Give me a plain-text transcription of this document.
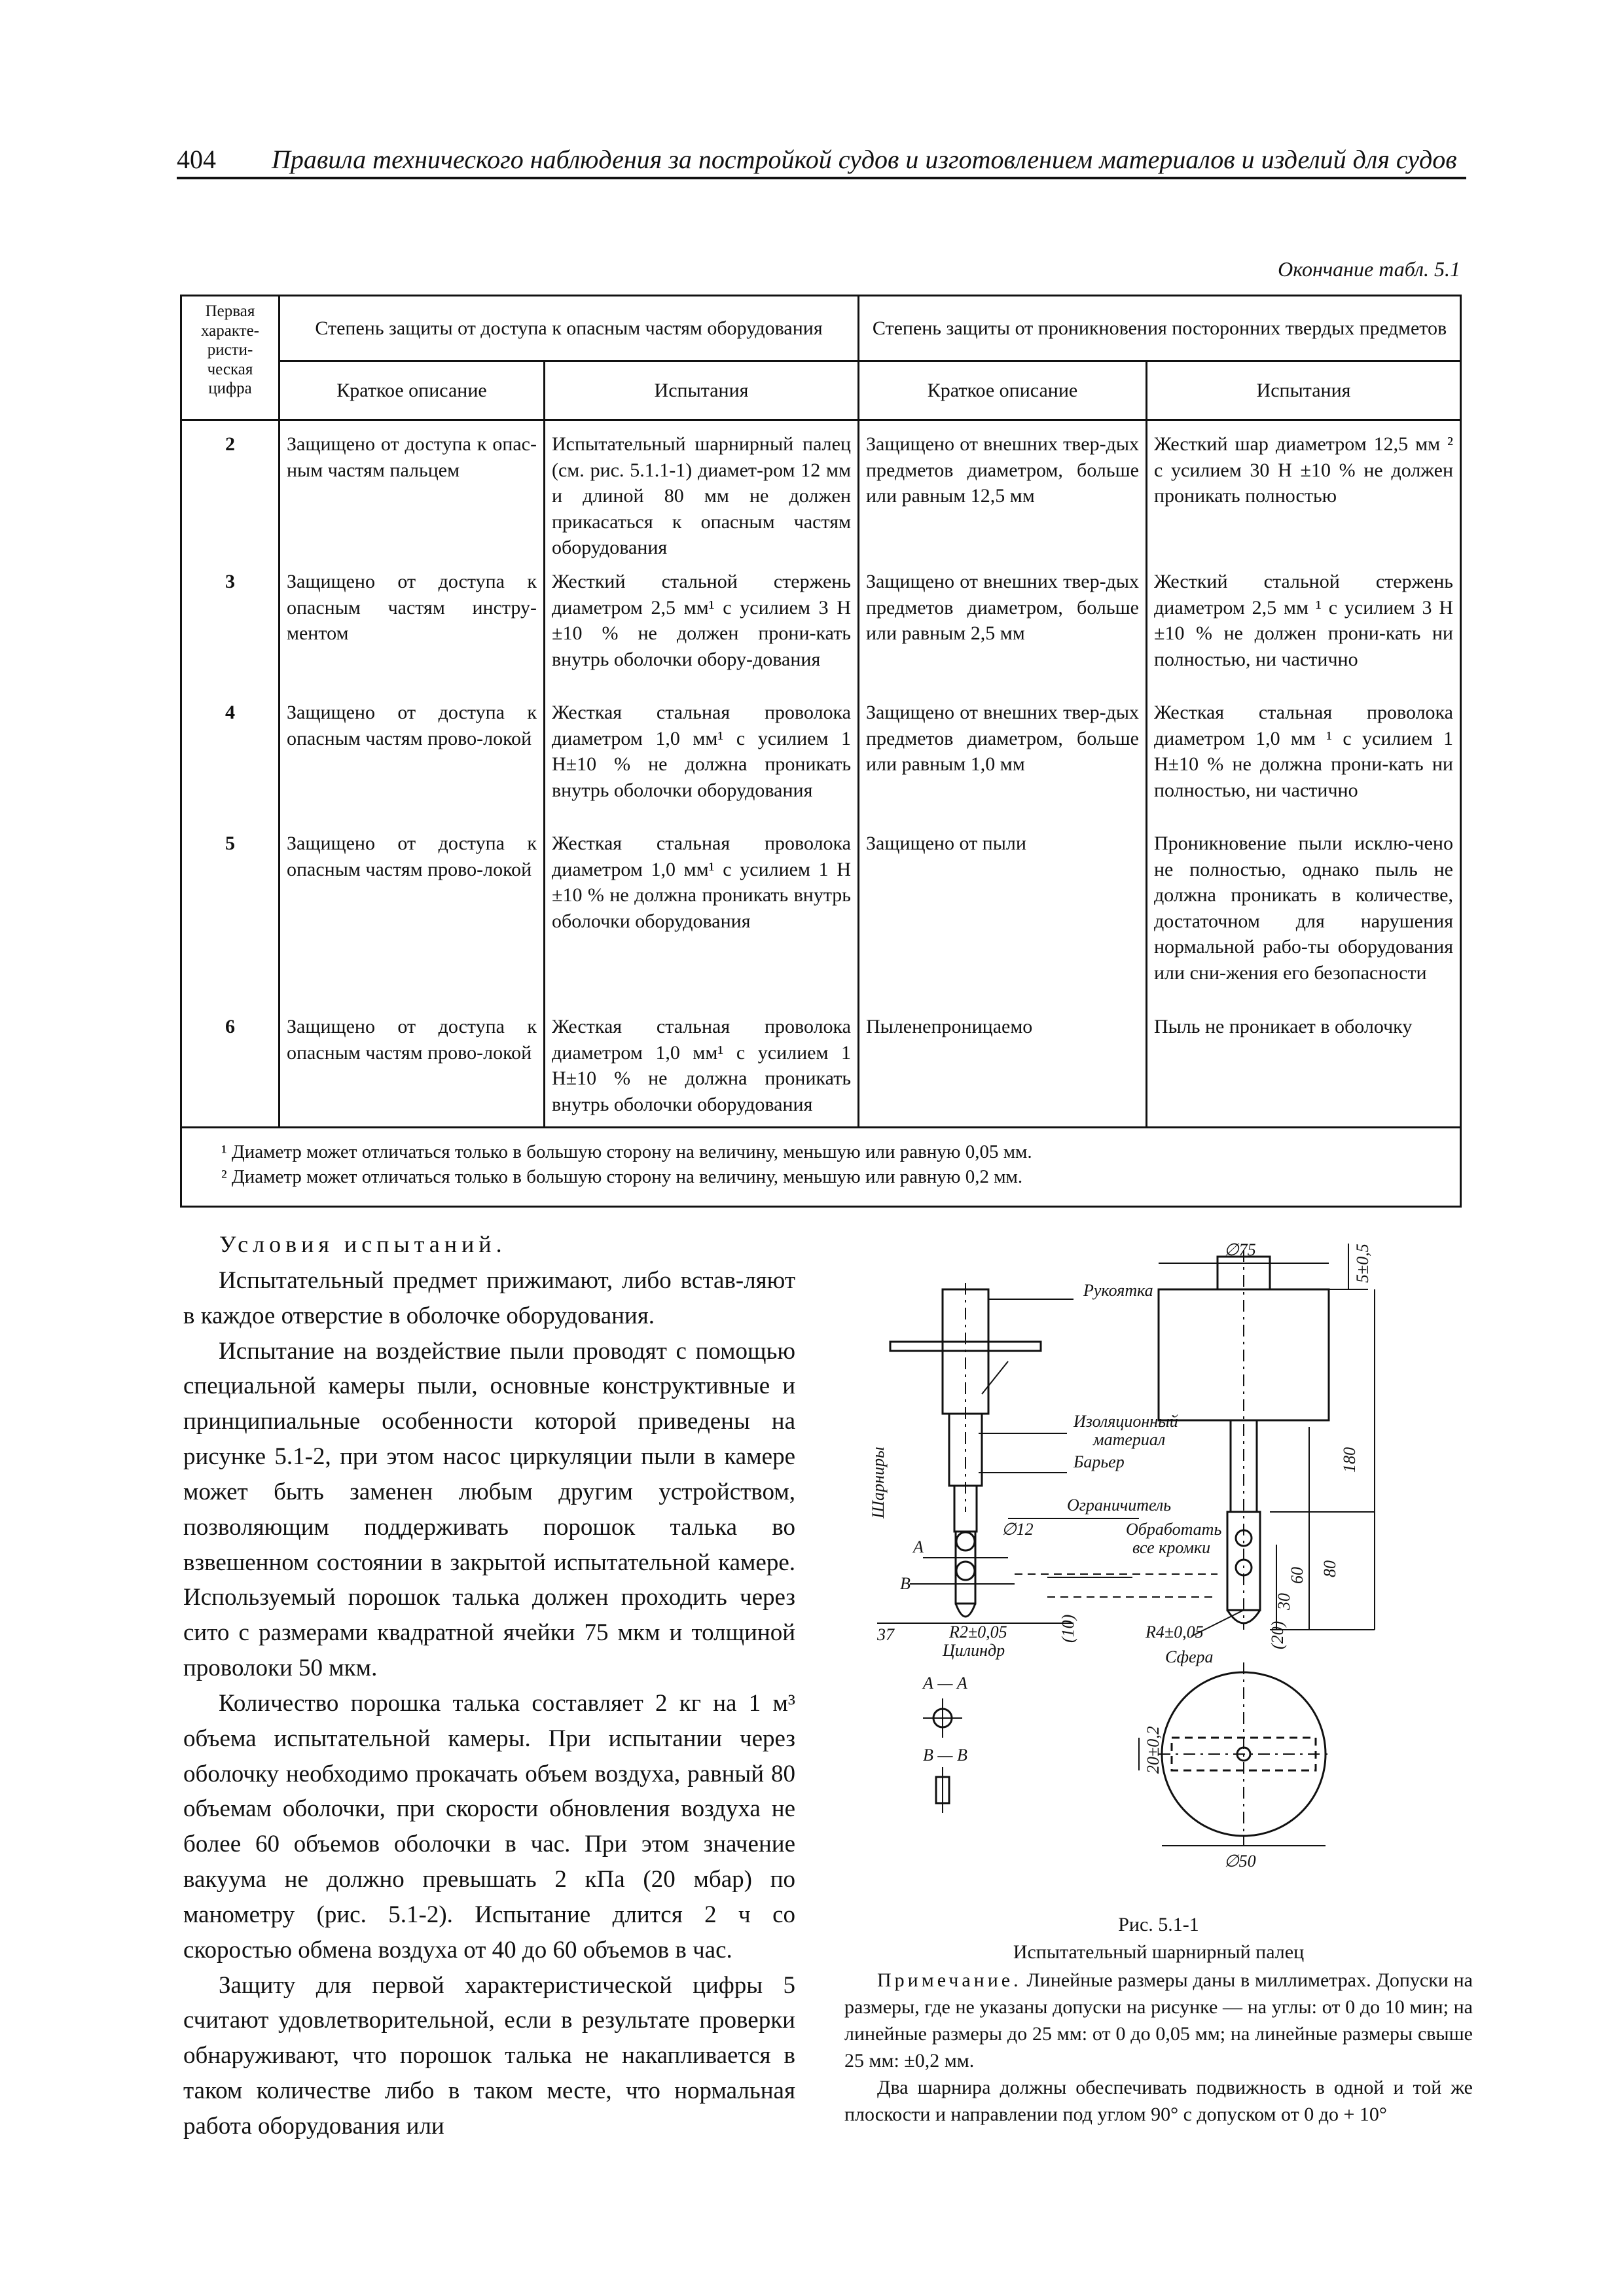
404 Правила технического наблюдения за постройкой судов и изготовлением материалов и изделий для судов
Окончание табл. 5.1
Первая характе-ристи-ческая цифра	Степень защиты от доступа к опасным частям оборудования		Степень защиты от проникновения посторонних твердых предметов	
	Краткое описание	Испытания	Краткое описание	Испытания
2	Защищено от доступа к опас-ным частям пальцем	Испытательный шарнирный палец (см. рис. 5.1.1-1) диамет-ром 12 мм и длиной 80 мм не должен прикасаться к опасным частям оборудования	Защищено от внешних твер-дых предметов диаметром, больше или равным 12,5 мм	Жесткий шар диаметром 12,5 мм ² с усилием 30 Н ±10 % не должен проникать полностью
3	Защищено от доступа к опасным частям инстру-ментом	Жесткий стальной стержень диаметром 2,5 мм¹ с усилием 3 Н ±10 % не должен прони-кать внутрь оболочки обору-дования	Защищено от внешних твер-дых предметов диаметром, больше или равным 2,5 мм	Жесткий стальной стержень диаметром 2,5 мм ¹ с усилием 3 Н ±10 % не должен прони-кать ни полностью, ни частично
4	Защищено от доступа к опасным частям прово-локой	Жесткая стальная проволока диаметром 1,0 мм¹ с усилием 1 Н±10 % не должна проникать внутрь оболочки оборудования	Защищено от внешних твер-дых предметов диаметром, больше или равным 1,0 мм	Жесткая стальная проволока диаметром 1,0 мм ¹ с усилием 1 Н±10 % не должна прони-кать ни полностью, ни частично
5	Защищено от доступа к опасным частям прово-локой	Жесткая стальная проволока диаметром 1,0 мм¹ с усилием 1 Н ±10 % не должна проникать внутрь оболочки оборудования	Защищено от пыли	Проникновение пыли исклю-чено не полностью, однако пыль не должна проникать в количестве, достаточном для нарушения нормальной рабо-ты оборудования или сни-жения его безопасности
6	Защищено от доступа к опасным частям прово-локой	Жесткая стальная проволока диаметром 1,0 мм¹ с усилием 1 Н±10 % не должна проникать внутрь оболочки оборудования	Пыленепроницаемо	Пыль не проникает в оболочку

¹ Диаметр может отличаться только в большую сторону на величину, меньшую или равную 0,05 мм.
² Диаметр может отличаться только в большую сторону на величину, меньшую или равную 0,2 мм.				
Условия испытаний.

Испытательный предмет прижимают, либо встав-ляют в каждое отверстие в оболочке оборудования.

Испытание на воздействие пыли проводят с помощью специальной камеры пыли, основные конструктивные и принципиальные особенности которой приведены на рисунке 5.1-2, при этом насос циркуляции пыли в камере может быть заменен любым другим устройством, позволяющим поддерживать порошок талька во взвешенном состоянии в закрытой испытательной камере. Используемый порошок талька должен проходить через сито с размерами квадратной ячейки 75 мкм и толщиной проволоки 50 мкм.

Количество порошка талька составляет 2 кг на 1 м³ объема испытательной камеры. При испытании через оболочку необходимо прокачать объем воздуха, равный 80 объемам оболочки, при скорости обновления воздуха не более 60 объемов оболочки в час. При этом значение вакуума не должно превышать 2 кПа (20 мбар) по манометру (рис. 5.1-2). Испытание длится 2 ч со скоростью обмена воздуха от 40 до 60 объемов в час.

Защиту для первой характеристической цифры 5 считают удовлетворительной, если в результате проверки обнаруживают, что порошок талька не накапливается в таком количестве либо в таком месте, что нормальная работа оборудования или

Рукоятка
Изоляционный
материал
Барьер
Ограничитель
Шарниры
Обработать
все кромки
Цилиндр	Сфера
А — А
В — В
А
В
∅75	5±0,5
180
80
60
30
(20)
(10)
∅12
37	R2±0,05	R4±0,05
20±0,2
∅50
Рис. 5.1-1
Испытательный шарнирный палец

Примечание. Линейные размеры даны в миллиметрах. Допуски на размеры, где не указаны допуски на рисунке — на углы: от 0 до 10 мин; на линейные размеры до 25 мм: от 0 до 0,05 мм; на линейные размеры свыше 25 мм: ±0,2 мм.

Два шарнира должны обеспечивать подвижность в одной и той же плоскости и направлении под углом 90° с допуском от 0 до + 10°
